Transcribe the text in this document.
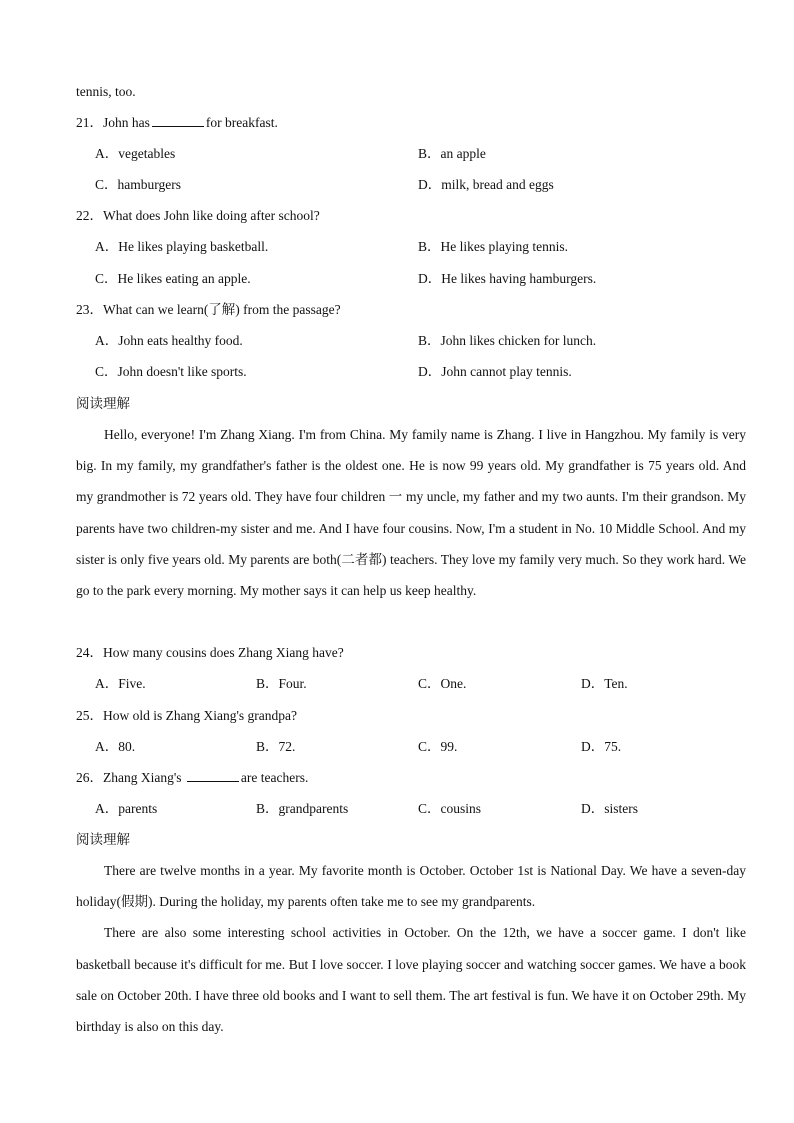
tennis, too.
21．John has	for breakfast.
A．vegetables	B．an apple
C．hamburgers	D．milk, bread and eggs
22．What does John like doing after school?
A．He likes playing basketball.	B．He likes playing tennis.
C．He likes eating an apple.	D．He likes having hamburgers.
23．What can we learn(了解) from the passage?
A．John eats healthy food.	B．John likes chicken for lunch.
C．John doesn't like sports.	D．John cannot play tennis.
阅读理解

Hello, everyone! I'm Zhang Xiang. I'm from China. My family name is Zhang. I live in Hangzhou. My family is very big. In my family, my grandfather's father is the oldest one. He is now 99 years old. My grandfather is 75 years old. And my grandmother is 72 years old. They have four children 一 my uncle, my father and my two aunts. I'm their grandson. My parents have two children-my sister and me. And I have four cousins. Now, I'm a student in No. 10 Middle School. And my sister is only five years old. My parents are both(二者都) teachers. They love my family very much. So they work hard. We go to the park every morning. My mother says it can help us keep healthy.

24．How many cousins does Zhang Xiang have?
A．Five.	B．Four.	C．One.	D．Ten.
25．How old is Zhang Xiang's grandpa?
A．80.	B．72.	C．99.	D．75.
26．Zhang Xiang's	are teachers.
A．parents	B．grandparents	C．cousins	D．sisters
阅读理解

There are twelve months in a year. My favorite month is October. October 1st is National Day. We have a seven-day holiday(假期). During the holiday, my parents often take me to see my grandparents.

There are also some interesting school activities in October. On the 12th, we have a soccer game. I don't like basketball because it's difficult for me. But I love soccer. I love playing soccer and watching soccer games. We have a book sale on October 20th. I have three old books and I want to sell them. The art festival is fun. We have it on October 29th. My birthday is also on this day.
